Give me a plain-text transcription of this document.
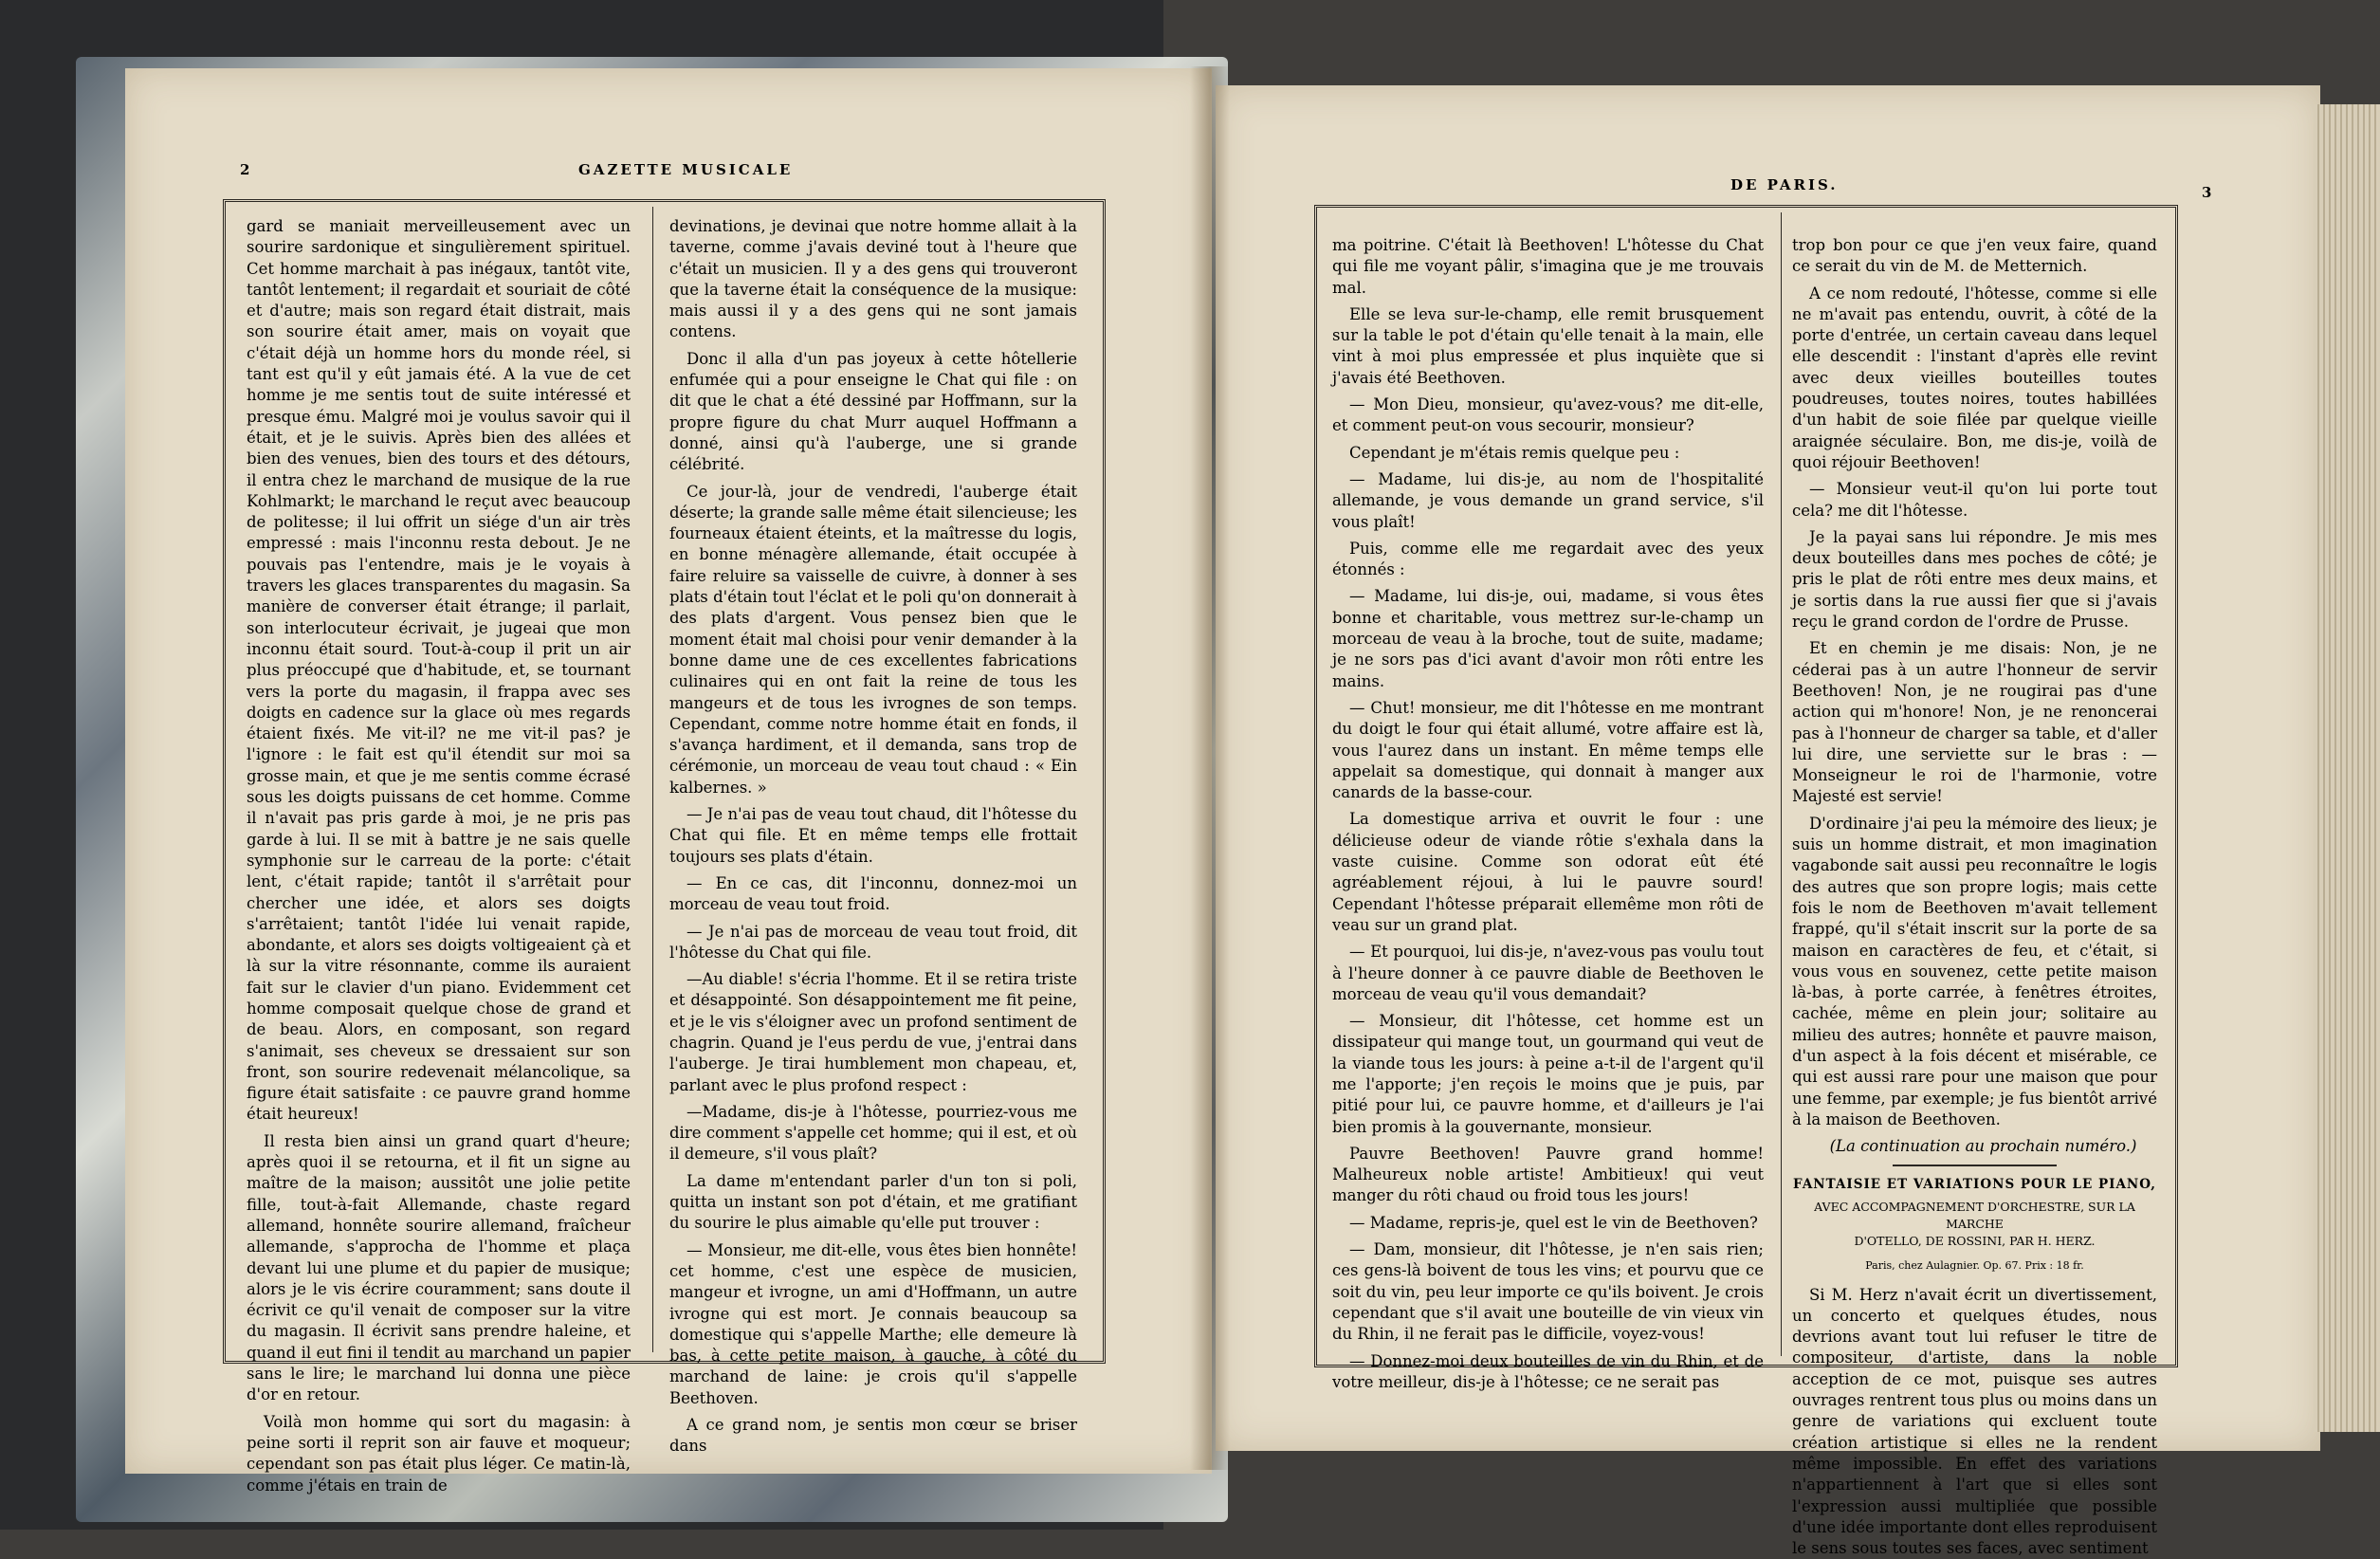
2	GAZETTE MUSICALE

gard se maniait merveilleusement avec un sourire sardonique et singulièrement spirituel. Cet homme marchait à pas inégaux, tantôt vite, tantôt lentement; il regardait et souriait de côté et d'autre; mais son regard était distrait, mais son sourire était amer, mais on voyait que c'était déjà un homme hors du monde réel, si tant est qu'il y eût jamais été. A la vue de cet homme je me sentis tout de suite intéressé et presque ému. Malgré moi je voulus savoir qui il était, et je le suivis. Après bien des allées et bien des venues, bien des tours et des détours, il entra chez le marchand de musique de la rue Kohlmarkt; le marchand le reçut avec beaucoup de politesse; il lui offrit un siége d'un air très empressé : mais l'inconnu resta debout. Je ne pouvais pas l'entendre, mais je le voyais à travers les glaces transparentes du magasin. Sa manière de converser était étrange; il parlait, son interlocuteur écrivait, je jugeai que mon inconnu était sourd. Tout-à-coup il prit un air plus préoccupé que d'habitude, et, se tournant vers la porte du magasin, il frappa avec ses doigts en cadence sur la glace où mes regards étaient fixés. Me vit-il? ne me vit-il pas? je l'ignore : le fait est qu'il étendit sur moi sa grosse main, et que je me sentis comme écrasé sous les doigts puissans de cet homme. Comme il n'avait pas pris garde à moi, je ne pris pas garde à lui. Il se mit à battre je ne sais quelle symphonie sur le carreau de la porte: c'était lent, c'était rapide; tantôt il s'arrêtait pour chercher une idée, et alors ses doigts s'arrêtaient; tantôt l'idée lui venait rapide, abondante, et alors ses doigts voltigeaient çà et là sur la vitre résonnante, comme ils auraient fait sur le clavier d'un piano. Evidemment cet homme composait quelque chose de grand et de beau. Alors, en composant, son regard s'animait, ses cheveux se dressaient sur son front, son sourire redevenait mélancolique, sa figure était satisfaite : ce pauvre grand homme était heureux!

Il resta bien ainsi un grand quart d'heure; après quoi il se retourna, et il fit un signe au maître de la maison; aussitôt une jolie petite fille, tout-à-fait Allemande, chaste regard allemand, honnête sourire allemand, fraîcheur allemande, s'approcha de l'homme et plaça devant lui une plume et du papier de musique; alors je le vis écrire couramment; sans doute il écrivit ce qu'il venait de composer sur la vitre du magasin. Il écrivit sans prendre haleine, et quand il eut fini il tendit au marchand un papier sans le lire; le marchand lui donna une pièce d'or en retour.

Voilà mon homme qui sort du magasin: à peine sorti il reprit son air fauve et moqueur; cependant son pas était plus léger. Ce matin-là, comme j'étais en train de

devinations, je devinai que notre homme allait à la taverne, comme j'avais deviné tout à l'heure que c'était un musicien. Il y a des gens qui trouveront que la taverne était la conséquence de la musique: mais aussi il y a des gens qui ne sont jamais contens.

Donc il alla d'un pas joyeux à cette hôtellerie enfumée qui a pour enseigne le Chat qui file : on dit que le chat a été dessiné par Hoffmann, sur la propre figure du chat Murr auquel Hoffmann a donné, ainsi qu'à l'auberge, une si grande célébrité.

Ce jour-là, jour de vendredi, l'auberge était déserte; la grande salle même était silencieuse; les fourneaux étaient éteints, et la maîtresse du logis, en bonne ménagère allemande, était occupée à faire reluire sa vaisselle de cuivre, à donner à ses plats d'étain tout l'éclat et le poli qu'on donnerait à des plats d'argent. Vous pensez bien que le moment était mal choisi pour venir demander à la bonne dame une de ces excellentes fabrications culinaires qui en ont fait la reine de tous les mangeurs et de tous les ivrognes de son temps. Cependant, comme notre homme était en fonds, il s'avança hardiment, et il demanda, sans trop de cérémonie, un morceau de veau tout chaud : « Ein kalbernes. »

— Je n'ai pas de veau tout chaud, dit l'hôtesse du Chat qui file. Et en même temps elle frottait toujours ses plats d'étain.

— En ce cas, dit l'inconnu, donnez-moi un morceau de veau tout froid.

— Je n'ai pas de morceau de veau tout froid, dit l'hôtesse du Chat qui file.

—Au diable! s'écria l'homme. Et il se retira triste et désappointé. Son désappointement me fit peine, et je le vis s'éloigner avec un profond sentiment de chagrin. Quand je l'eus perdu de vue, j'entrai dans l'auberge. Je tirai humblement mon chapeau, et, parlant avec le plus profond respect :

—Madame, dis-je à l'hôtesse, pourriez-vous me dire comment s'appelle cet homme; qui il est, et où il demeure, s'il vous plaît?

La dame m'entendant parler d'un ton si poli, quitta un instant son pot d'étain, et me gratifiant du sourire le plus aimable qu'elle put trouver :

— Monsieur, me dit-elle, vous êtes bien honnête! cet homme, c'est une espèce de musicien, mangeur et ivrogne, un ami d'Hoffmann, un autre ivrogne qui est mort. Je connais beaucoup sa domestique qui s'appelle Marthe; elle demeure là bas, à cette petite maison, à gauche, à côté du marchand de laine: je crois qu'il s'appelle Beethoven.

A ce grand nom, je sentis mon cœur se briser dans

DE PARIS.	3

ma poitrine. C'était là Beethoven! L'hôtesse du Chat qui file me voyant pâlir, s'imagina que je me trouvais mal.

Elle se leva sur-le-champ, elle remit brusquement sur la table le pot d'étain qu'elle tenait à la main, elle vint à moi plus empressée et plus inquiète que si j'avais été Beethoven.

— Mon Dieu, monsieur, qu'avez-vous? me dit-elle, et comment peut-on vous secourir, monsieur?

Cependant je m'étais remis quelque peu :

— Madame, lui dis-je, au nom de l'hospitalité allemande, je vous demande un grand service, s'il vous plaît!

Puis, comme elle me regardait avec des yeux étonnés :

— Madame, lui dis-je, oui, madame, si vous êtes bonne et charitable, vous mettrez sur-le-champ un morceau de veau à la broche, tout de suite, madame; je ne sors pas d'ici avant d'avoir mon rôti entre les mains.

— Chut! monsieur, me dit l'hôtesse en me montrant du doigt le four qui était allumé, votre affaire est là, vous l'aurez dans un instant. En même temps elle appelait sa domestique, qui donnait à manger aux canards de la basse-cour.

La domestique arriva et ouvrit le four : une délicieuse odeur de viande rôtie s'exhala dans la vaste cuisine. Comme son odorat eût été agréablement réjoui, à lui le pauvre sourd! Cependant l'hôtesse préparait ellemême mon rôti de veau sur un grand plat.

— Et pourquoi, lui dis-je, n'avez-vous pas voulu tout à l'heure donner à ce pauvre diable de Beethoven le morceau de veau qu'il vous demandait?

— Monsieur, dit l'hôtesse, cet homme est un dissipateur qui mange tout, un gourmand qui veut de la viande tous les jours: à peine a-t-il de l'argent qu'il me l'apporte; j'en reçois le moins que je puis, par pitié pour lui, ce pauvre homme, et d'ailleurs je l'ai bien promis à la gouvernante, monsieur.

Pauvre Beethoven! Pauvre grand homme! Malheureux noble artiste! Ambitieux! qui veut manger du rôti chaud ou froid tous les jours!

— Madame, repris-je, quel est le vin de Beethoven?

— Dam, monsieur, dit l'hôtesse, je n'en sais rien; ces gens-là boivent de tous les vins; et pourvu que ce soit du vin, peu leur importe ce qu'ils boivent. Je crois cependant que s'il avait une bouteille de vin vieux vin du Rhin, il ne ferait pas le difficile, voyez-vous!

— Donnez-moi deux bouteilles de vin du Rhin, et de votre meilleur, dis-je à l'hôtesse; ce ne serait pas

trop bon pour ce que j'en veux faire, quand ce serait du vin de M. de Metternich.

A ce nom redouté, l'hôtesse, comme si elle ne m'avait pas entendu, ouvrit, à côté de la porte d'entrée, un certain caveau dans lequel elle descendit : l'instant d'après elle revint avec deux vieilles bouteilles toutes poudreuses, toutes noires, toutes habillées d'un habit de soie filée par quelque vieille araignée séculaire. Bon, me dis-je, voilà de quoi réjouir Beethoven!

— Monsieur veut-il qu'on lui porte tout cela? me dit l'hôtesse.

Je la payai sans lui répondre. Je mis mes deux bouteilles dans mes poches de côté; je pris le plat de rôti entre mes deux mains, et je sortis dans la rue aussi fier que si j'avais reçu le grand cordon de l'ordre de Prusse.

Et en chemin je me disais: Non, je ne céderai pas à un autre l'honneur de servir Beethoven! Non, je ne rougirai pas d'une action qui m'honore! Non, je ne renoncerai pas à l'honneur de charger sa table, et d'aller lui dire, une serviette sur le bras : — Monseigneur le roi de l'harmonie, votre Majesté est servie!

D'ordinaire j'ai peu la mémoire des lieux; je suis un homme distrait, et mon imagination vagabonde sait aussi peu reconnaître le logis des autres que son propre logis; mais cette fois le nom de Beethoven m'avait tellement frappé, qu'il s'était inscrit sur la porte de sa maison en caractères de feu, et c'était, si vous vous en souvenez, cette petite maison là-bas, à porte carrée, à fenêtres étroites, cachée, même en plein jour; solitaire au milieu des autres; honnête et pauvre maison, d'un aspect à la fois décent et misérable, ce qui est aussi rare pour une maison que pour une femme, par exemple; je fus bientôt arrivé à la maison de Beethoven.

(La continuation au prochain numéro.)

FANTAISIE ET VARIATIONS POUR LE PIANO,
AVEC ACCOMPAGNEMENT D'ORCHESTRE, SUR LA MARCHE
D'OTELLO, DE ROSSINI, PAR H. HERZ.
Paris, chez Aulagnier. Op. 67. Prix : 18 fr.

Si M. Herz n'avait écrit un divertissement, un concerto et quelques études, nous devrions avant tout lui refuser le titre de compositeur, d'artiste, dans la noble acception de ce mot, puisque ses autres ouvrages rentrent tous plus ou moins dans un genre de variations qui excluent toute création artistique si elles ne la rendent même impossible. En effet des variations n'appartiennent à l'art que si elles sont l'expression aussi multipliée que possible d'une idée importante dont elles reproduisent le sens sous toutes ses faces, avec sentiment
